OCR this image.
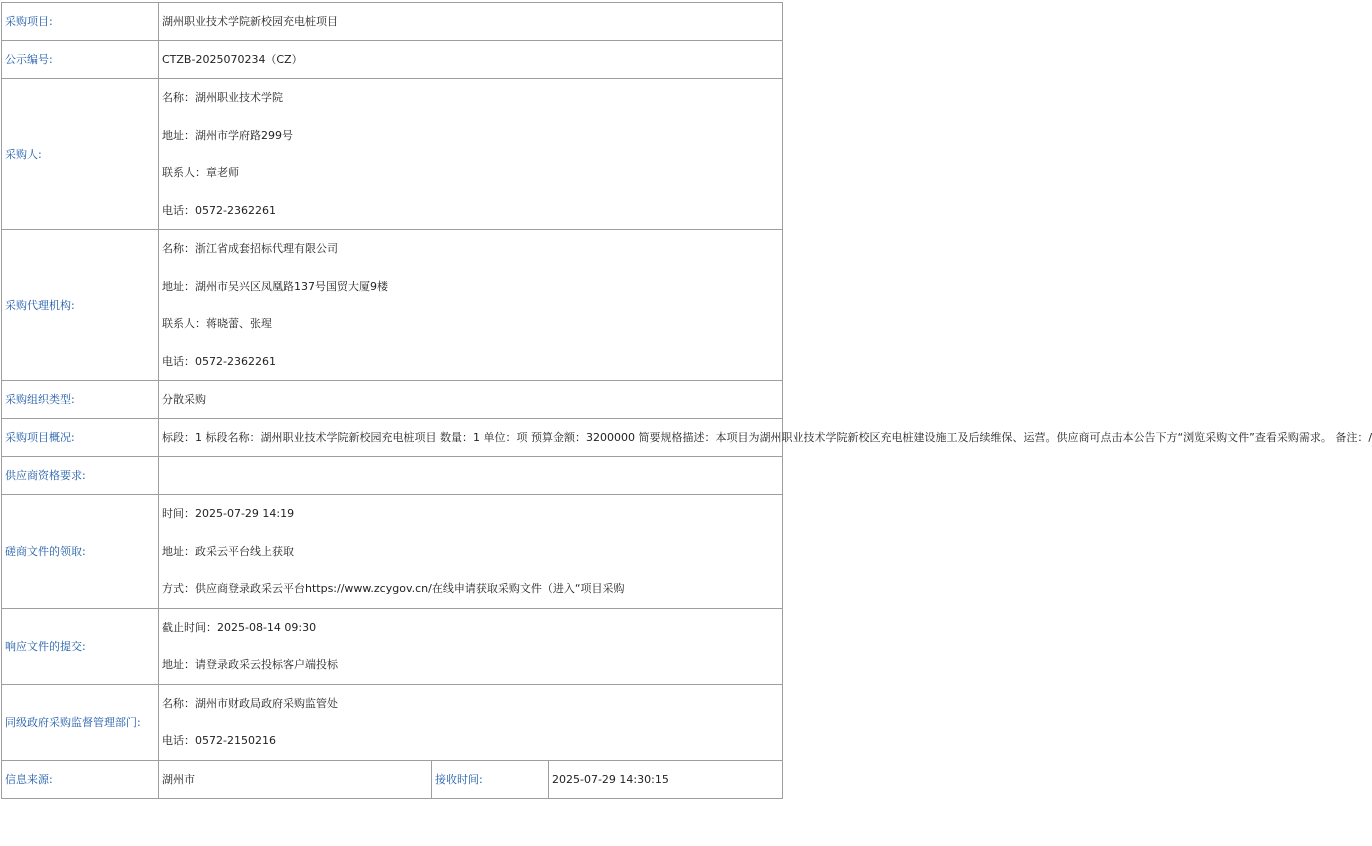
采购项目:	湖州职业技术学院新校园充电桩项目		
公示编号:	CTZB-2025070234（CZ）		
采购人:	名称：湖州职业技术学院
地址：湖州市学府路299号
联系人：章老师
电话：0572-2362261		

采购代理机构:	名称：浙江省成套招标代理有限公司
地址：湖州市吴兴区凤凰路137号国贸大厦9楼
联系人：蒋晓蕾、张瑆
电话：0572-2362261		

采购组织类型:	分散采购		
采购项目概况:	标段：1 标段名称：湖州职业技术学院新校园充电桩项目 数量：1 单位：项 预算金额：3200000 简要规格描述：本项目为湖州职业技术学院新校区充电桩建设施工及后续维保、运营。供应商可点击本公告下方“浏览采购文件”查看采购需求。 备注：/		
供应商资格要求:			
磋商文件的领取:	时间：2025-07-29 14:19
地址：政采云平台线上获取
方式：供应商登录政采云平台https://www.zcygov.cn/在线申请获取采购文件（进入“项目采购		

响应文件的提交:	截止时间：2025-08-14 09:30
地址：请登录政采云投标客户端投标		

同级政府采购监督管理部门:	名称：湖州市财政局政府采购监管处
电话：0572-2150216		

信息来源:	湖州市	接收时间:	2025-07-29 14:30:15
